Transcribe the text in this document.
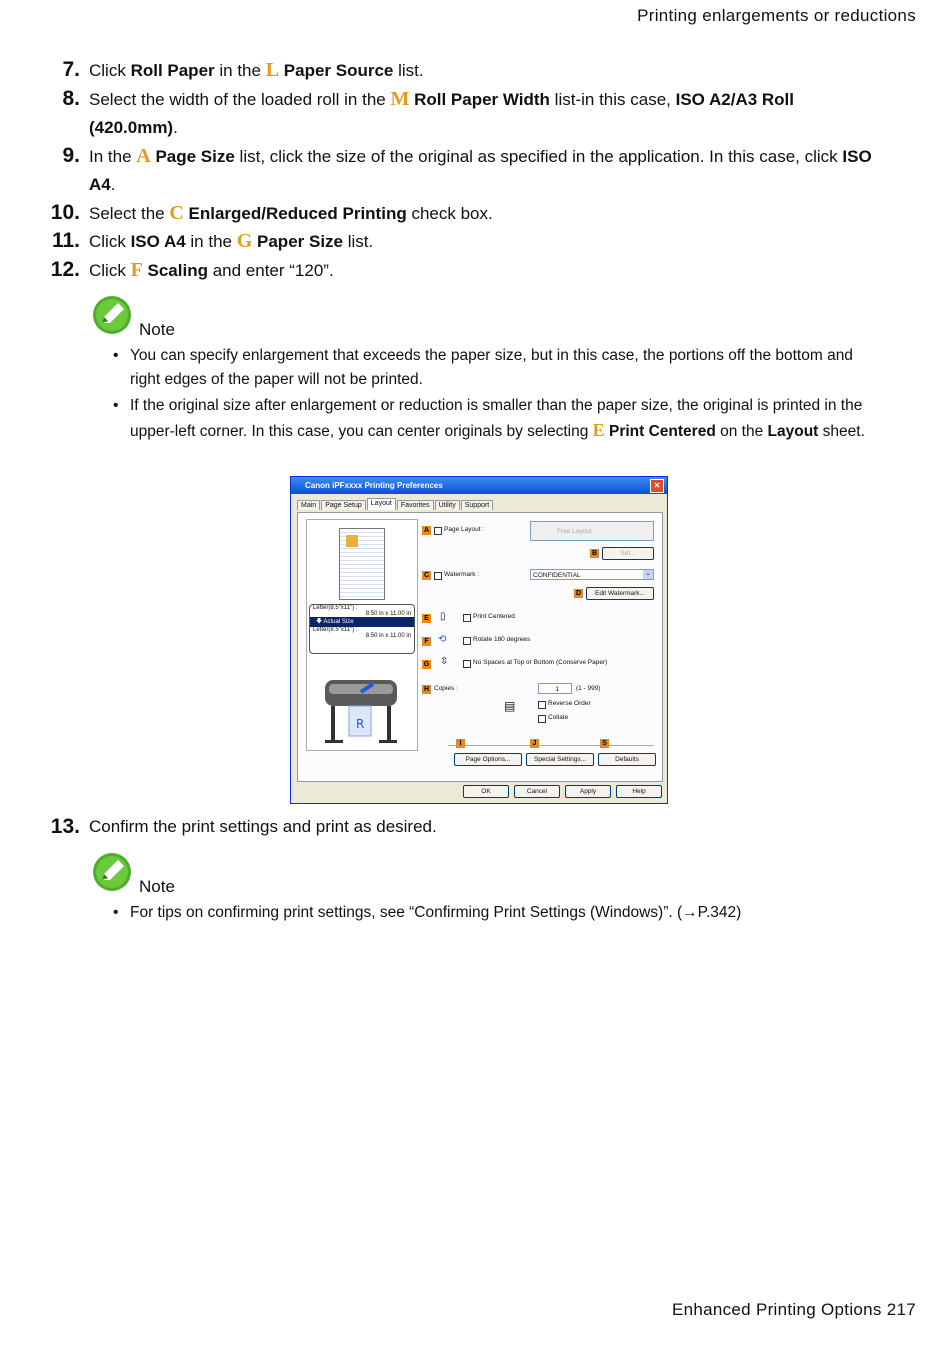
Printing enlargements or reductions
7. Click Roll Paper in the L Paper Source list.
8. Select the width of the loaded roll in the M Roll Paper Width list-in this case, ISO A2/A3 Roll (420.0mm).
9. In the A Page Size list, click the size of the original as specified in the application. In this case, click ISO A4.
10. Select the C Enlarged/Reduced Printing check box.
11. Click ISO A4 in the G Paper Size list.
12. Click F Scaling and enter “120”.
Note
• You can specify enlargement that exceeds the paper size, but in this case, the portions off the bottom and right edges of the paper will not be printed.
• If the original size after enlargement or reduction is smaller than the paper size, the original is printed in the upper-left corner. In this case, you can center originals by selecting E Print Centered on the Layout sheet.
Canon iPFxxxx Printing Preferences	✕
Main	Page Setup	Layout	Favorites	Utility	Support
Letter(8.5"x11") :
8.50 in x 11.00 in
🡇 Actual Size
Letter(8.5"x11") :
8.50 in x 11.00 in
R
A	Page Layout :	Free Layout
B	Set...
C	Watermark :	CONFIDENTIAL	⌄
D	Edit Watermark...
E ▯	Print Centered
F ⟲	Rotate 180 degrees
G ⇳	No Spaces at Top or Bottom (Conserve Paper)
H Copies :	1	(1 - 999)
▤	Reverse Order
Collate
I	J	S
Page Options...	Special Settings...	Defaults
OK	Cancel	Apply	Help
13. Confirm the print settings and print as desired.
Note
• For tips on confirming print settings, see “Confirming Print Settings (Windows)”. (→P.342)
Enhanced Printing Options 217
